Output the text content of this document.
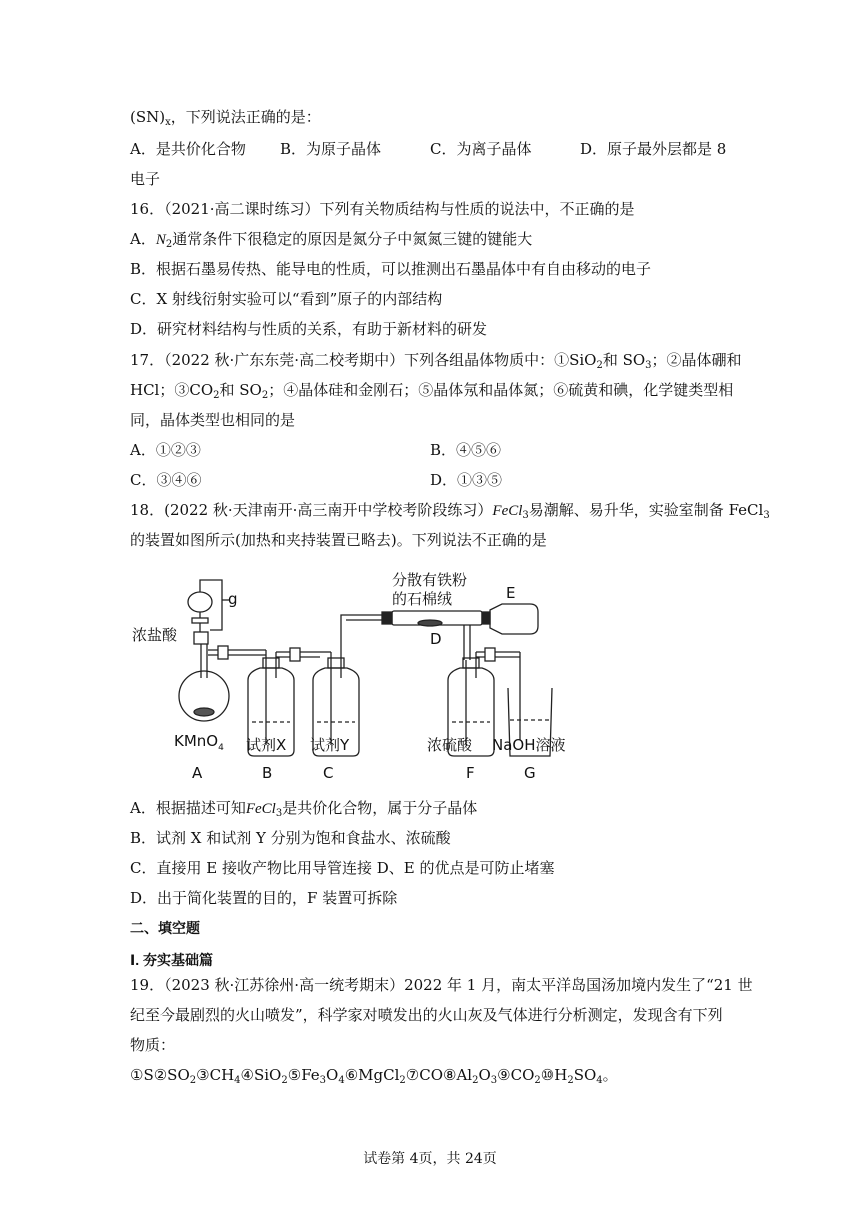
$(SN)_x$，下列说法正确的是：
A．是共价化合物 B．为原子晶体	C．为离子晶体	D．原子最外层都是 8
电子
16．（2021·高二课时练习）下列有关物质结构与性质的说法中，不正确的是
A．$N_2$通常条件下很稳定的原因是氮分子中氮氮三键的键能大
B．根据石墨易传热、能导电的性质，可以推测出石墨晶体中有自由移动的电子
C．X 射线衍射实验可以“看到”原子的内部结构
D．研究材料结构与性质的关系，有助于新材料的研发
17．（2022 秋·广东东莞·高二校考期中）下列各组晶体物质中：①SiO$_2$和 $SO_3$；②晶体硼和
HCl；$③CO_2$和 $SO_2$；④晶体硅和金刚石；⑤晶体氖和晶体氮；⑥硫黄和碘，化学键类型相
同，晶体类型也相同的是
A．①②③	B．④⑤⑥
C．③④⑥	D．①③⑤
18．(2022 秋·天津南开·高三南开中学校考阶段练习）FeCl$_3$易潮解、易升华，实验室制备 FeCl$_3$
的装置如图所示(加热和夹持装置已略去)。下列说法不正确的是
g
浓盐酸
分散有铁粉
的石棉绒	E
D
KMnO$_4$ 试剂X 试剂Y	浓硫酸 NaOH溶液
A	B	C	F	G
A．根据描述可知FeCl$_3$是共价化合物，属于分子晶体
B．试剂 X 和试剂 Y 分别为饱和食盐水、浓硫酸
C．直接用 E 接收产物比用导管连接 D、E 的优点是可防止堵塞
D．出于简化装置的目的，F 装置可拆除
二、填空题
Ⅰ. 夯实基础篇
19．（2023 秋·江苏徐州·高一统考期末）2022 年 1 月，南太平洋岛国汤加境内发生了“21 世
纪至今最剧烈的火山喷发”，科学家对喷发出的火山灰及气体进行分析测定，发现含有下列
物质：
$①S②SO_2③CH_4④SiO_2⑤Fe_3O_4⑥MgCl_2⑦CO⑧Al_2O_3⑨CO_2⑩H_2SO_4$。
试卷第 4页，共 24页
